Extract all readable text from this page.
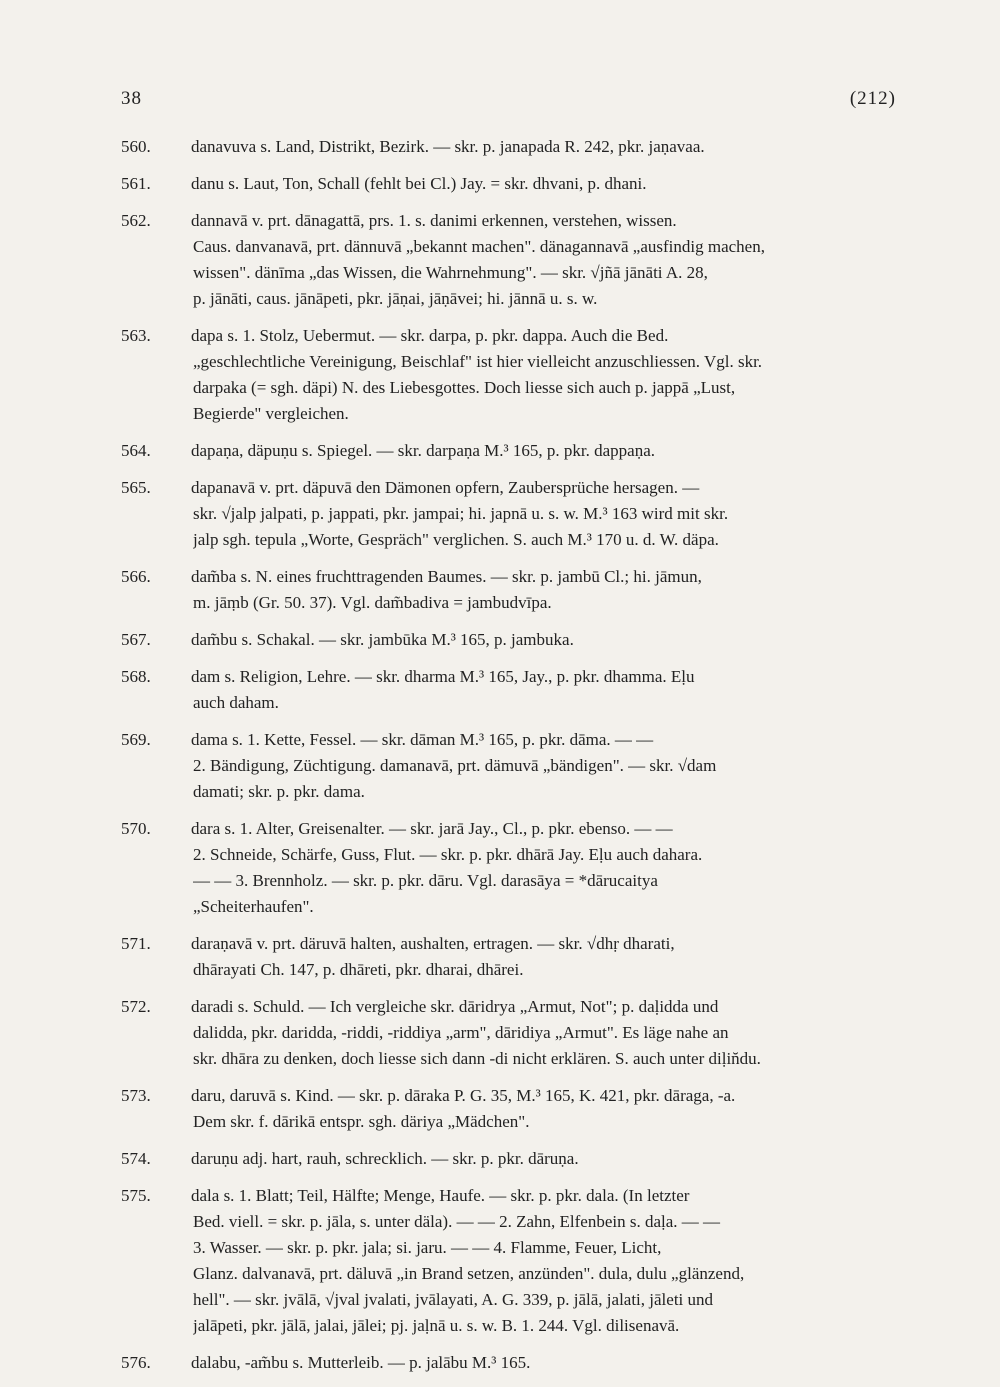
38	(212)
560. danavuva s. Land, Distrikt, Bezirk. — skr. p. janapada R. 242, pkr. jaṇavaa.
561. danu s. Laut, Ton, Schall (fehlt bei Cl.) Jay. = skr. dhvani, p. dhani.
562. dannavā v. prt. dānagattā, prs. 1. s. danimi erkennen, verstehen, wissen.
Caus. danvanavā, prt. dännuvā „bekannt machen". dänagannavā „ausfindig machen,
wissen". dänīma „das Wissen, die Wahrnehmung". — skr. √jñā jānāti A. 28,
p. jānāti, caus. jānāpeti, pkr. jāṇai, jāṇāvei; hi. jānnā u. s. w.
563. dapa s. 1. Stolz, Uebermut. — skr. darpa, p. pkr. dappa. Auch die Bed.
„geschlechtliche Vereinigung, Beischlaf" ist hier vielleicht anzuschliessen. Vgl. skr.
darpaka (= sgh. däpi) N. des Liebesgottes. Doch liesse sich auch p. jappā „Lust,
Begierde" vergleichen.
564. dapaṇa, däpuṇu s. Spiegel. — skr. darpaṇa M.³ 165, p. pkr. dappaṇa.
565. dapanavā v. prt. däpuvā den Dämonen opfern, Zaubersprüche hersagen. —
skr. √jalp jalpati, p. jappati, pkr. jampai; hi. japnā u. s. w. M.³ 163 wird mit skr.
jalp sgh. tepula „Worte, Gespräch" verglichen. S. auch M.³ 170 u. d. W. däpa.
566. dam̃ba s. N. eines fruchttragenden Baumes. — skr. p. jambū Cl.; hi. jāmun,
m. jāṃb (Gr. 50. 37). Vgl. dam̃badiva = jambudvīpa.
567. dam̃bu s. Schakal. — skr. jambūka M.³ 165, p. jambuka.
568. dam s. Religion, Lehre. — skr. dharma M.³ 165, Jay., p. pkr. dhamma. Eḷu
auch daham.
569. dama s. 1. Kette, Fessel. — skr. dāman M.³ 165, p. pkr. dāma. — —
2. Bändigung, Züchtigung. damanavā, prt. dämuvā „bändigen". — skr. √dam
damati; skr. p. pkr. dama.
570. dara s. 1. Alter, Greisenalter. — skr. jarā Jay., Cl., p. pkr. ebenso. — —
2. Schneide, Schärfe, Guss, Flut. — skr. p. pkr. dhārā Jay. Eḷu auch dahara.
— — 3. Brennholz. — skr. p. pkr. dāru. Vgl. darasāya = *dārucaitya
„Scheiterhaufen".
571. daraṇavā v. prt. däruvā halten, aushalten, ertragen. — skr. √dhṛ dharati,
dhārayati Ch. 147, p. dhāreti, pkr. dharai, dhārei.
572. daradi s. Schuld. — Ich vergleiche skr. dāridrya „Armut, Not"; p. daḷidda und
dalidda, pkr. daridda, -riddi, -riddiya „arm", dāridiya „Armut". Es läge nahe an
skr. dhāra zu denken, doch liesse sich dann -di nicht erklären. S. auch unter diḷin̆du.
573. daru, daruvā s. Kind. — skr. p. dāraka P. G. 35, M.³ 165, K. 421, pkr. dāraga, -a.
Dem skr. f. dārikā entspr. sgh. däriya „Mädchen".
574. daruṇu adj. hart, rauh, schrecklich. — skr. p. pkr. dāruṇa.
575. dala s. 1. Blatt; Teil, Hälfte; Menge, Haufe. — skr. p. pkr. dala. (In letzter
Bed. viell. = skr. p. jāla, s. unter däla). — — 2. Zahn, Elfenbein s. daḷa. — —
3. Wasser. — skr. p. pkr. jala; si. jaru. — — 4. Flamme, Feuer, Licht,
Glanz. dalvanavā, prt. däluvā „in Brand setzen, anzünden". dula, dulu „glänzend,
hell". — skr. jvālā, √jval jvalati, jvālayati, A. G. 339, p. jālā, jalati, jāleti und
jalāpeti, pkr. jālā, jalai, jālei; pj. jaḷnā u. s. w. B. 1. 244. Vgl. dilisenavā.
576. dalabu, -am̃bu s. Mutterleib. — p. jalābu M.³ 165.
